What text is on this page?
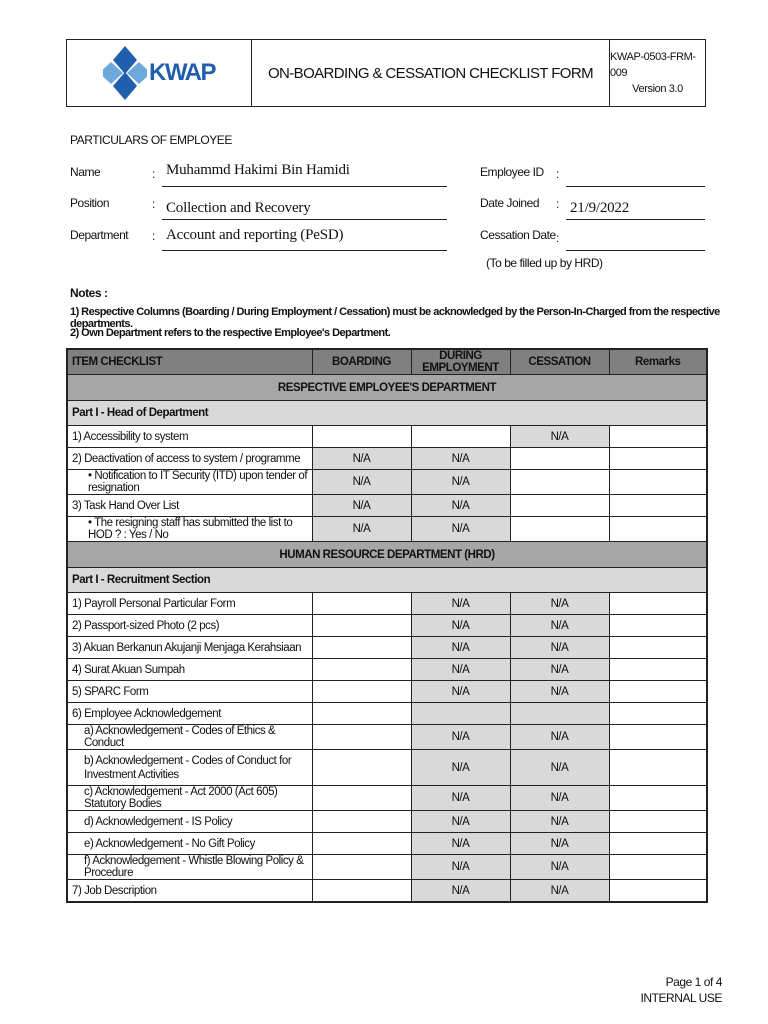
KWAP	ON-BOARDING & CESSATION CHECKLIST FORM
KWAP-0503-FRM-009
Version 3.0
PARTICULARS OF EMPLOYEE
Name	: Muhammd Hakimi Bin Hamidi
Position	: Collection and Recovery
Department : Account and reporting (PeSD)
Employee ID :
Date Joined : 21/9/2022
Cessation Date :
(To be filled up by HRD)
Notes :
1) Respective Columns (Boarding / During Employment / Cessation) must be acknowledged by the Person-In-Charged from the respective departments.
2) Own Department refers to the respective Employee's Department.
ITEM CHECKLIST	BOARDING	DURING EMPLOYMENT	CESSATION	Remarks
RESPECTIVE EMPLOYEE'S DEPARTMENT				
Part I - Head of Department				
1) Accessibility to system			N/A	
2) Deactivation of access to system / programme	N/A	N/A		
• Notification to IT Security (ITD) upon tender of resignation	N/A	N/A		
3) Task Hand Over List	N/A	N/A		
• The resigning staff has submitted the list to HOD ? : Yes / No	N/A	N/A		
HUMAN RESOURCE DEPARTMENT (HRD)				
Part I - Recruitment Section				
1) Payroll Personal Particular Form		N/A	N/A	
2) Passport-sized Photo (2 pcs)		N/A	N/A	
3) Akuan Berkanun Akujanji Menjaga Kerahsiaan		N/A	N/A	
4) Surat Akuan Sumpah		N/A	N/A	
5) SPARC Form		N/A	N/A	
6) Employee Acknowledgement				
a) Acknowledgement - Codes of Ethics & Conduct		N/A	N/A	
b) Acknowledgement - Codes of Conduct for Investment Activities		N/A	N/A	
c) Acknowledgement - Act 2000 (Act 605) Statutory Bodies		N/A	N/A	
d) Acknowledgement - IS Policy		N/A	N/A	
e) Acknowledgement - No Gift Policy		N/A	N/A	
f) Acknowledgement - Whistle Blowing Policy & Procedure		N/A	N/A	
7) Job Description		N/A	N/A	
Page 1 of 4
INTERNAL USE
